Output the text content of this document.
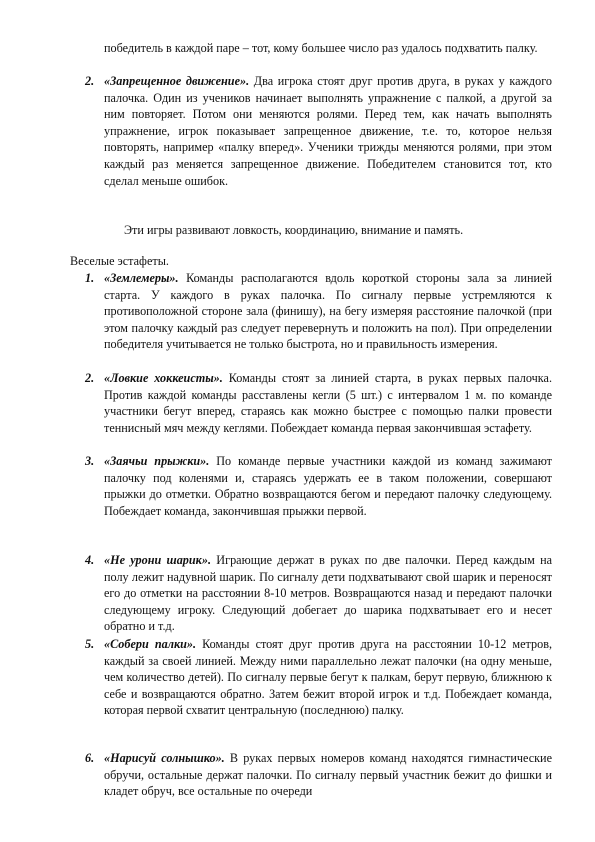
победитель в каждой паре – тот, кому большее число раз удалось подхватить палку.
2. «Запрещенное движение». Два игрока стоят друг против друга, в руках у каждого палочка. Один из учеников начинает выполнять упражнение с палкой, а другой за ним повторяет. Потом они меняются ролями. Перед тем, как начать выполнять упражнение, игрок показывает запрещенное движение, т.е. то, которое нельзя повторять, например «палку вперед». Ученики трижды меняются ролями, при этом каждый раз меняется запрещенное движение. Победителем становится тот, кто сделал меньше ошибок.
Эти игры развивают ловкость, координацию, внимание и память.
Веселые эстафеты.
1. «Землемеры». Команды располагаются вдоль короткой стороны зала за линией старта. У каждого в руках палочка. По сигналу первые устремляются к противоположной стороне зала (финишу), на бегу измеряя расстояние палочкой (при этом палочку каждый раз следует перевернуть и положить на пол). При определении победителя учитывается не только быстрота, но и правильность измерения.
2. «Ловкие хоккеисты». Команды стоят за линией старта, в руках первых палочка. Против каждой команды расставлены кегли (5 шт.) с интервалом 1 м. по команде участники бегут вперед, стараясь как можно быстрее с помощью палки провести теннисный мяч между кеглями. Побеждает команда первая закончившая эстафету.
3. «Заячьи прыжки». По команде первые участники каждой из команд зажимают палочку под коленями и, стараясь удержать ее в таком положении, совершают прыжки до отметки. Обратно возвращаются бегом и передают палочку следующему. Побеждает команда, закончившая прыжки первой.
4. «Не урони шарик». Играющие держат в руках по две палочки. Перед каждым на полу лежит надувной шарик. По сигналу дети подхватывают свой шарик и переносят его до отметки на расстоянии 8-10 метров. Возвращаются назад и передают палочки следующему игроку. Следующий добегает до шарика подхватывает его и несет обратно и т.д.
5. «Собери палки». Команды стоят друг против друга на расстоянии 10-12 метров, каждый за своей линией. Между ними параллельно лежат палочки (на одну меньше, чем количество детей). По сигналу первые бегут к палкам, берут первую, ближнюю к себе и возвращаются обратно. Затем бежит второй игрок и т.д. Побеждает команда, которая первой схватит центральную (последнюю) палку.
6. «Нарисуй солнышко». В руках первых номеров команд находятся гимнастические обручи, остальные держат палочки. По сигналу первый участник бежит до фишки и кладет обруч, все остальные по очереди
